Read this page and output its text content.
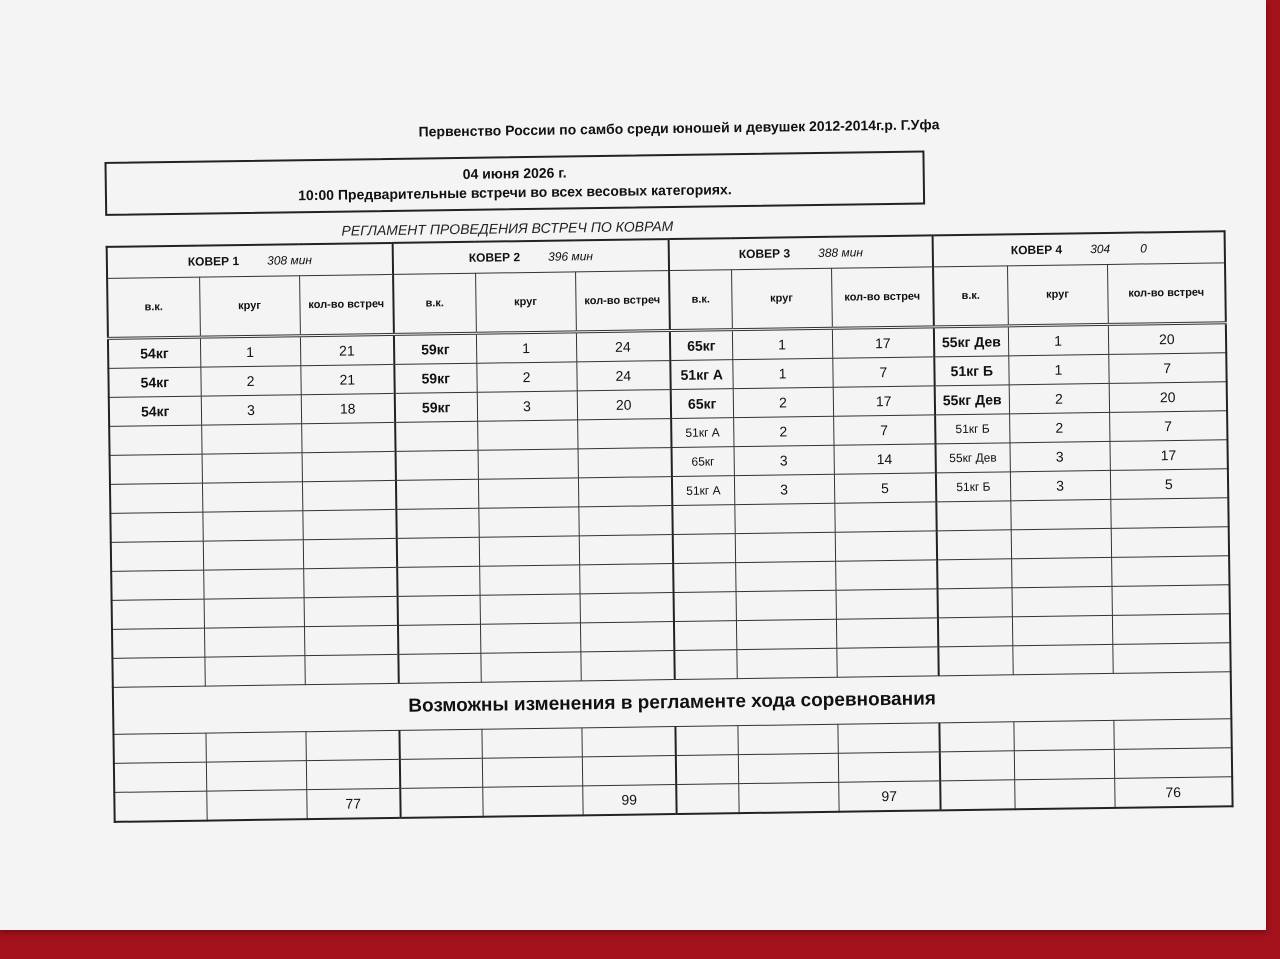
Первенство России по самбо среди юношей и девушек 2012-2014г.р. Г.Уфа
04 июня 2026 г.
10:00 Предварительные встречи во всех весовых категориях.
РЕГЛАМЕНТ ПРОВЕДЕНИЯ ВСТРЕЧ ПО КОВРАМ
КОВЕР 1 308 мин			КОВЕР 2 396 мин			КОВЕР 3 388 мин			КОВЕР 4 304 0		
в.к.	круг	кол-во встреч	в.к.	круг	кол-во встреч	в.к.	круг	кол-во встреч	в.к.	круг	кол-во встреч
54кг	1	21	59кг	1	24	65кг	1	17	55кг Дев	1	20
54кг	2	21	59кг	2	24	51кг А	1	7	51кг Б	1	7
54кг	3	18	59кг	3	20	65кг	2	17	55кг Дев	2	20
						51кг А	2	7	51кг Б	2	7
						65кг	3	14	55кг Дев	3	17
						51кг А	3	5	51кг Б	3	5

Возможны изменения в регламенте хода соревнования											

		77			99			97			76
